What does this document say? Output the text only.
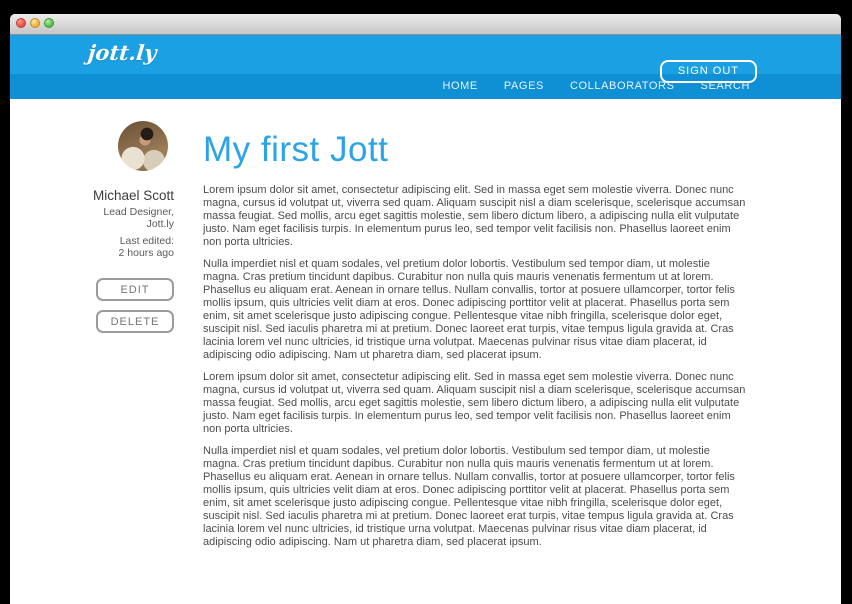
jott.ly
SIGN OUT
HOME PAGES COLLABORATORS SEARCH
Michael Scott
Lead Designer,
Jott.ly
Last edited:
2 hours ago
EDIT
DELETE
My first Jott

Lorem ipsum dolor sit amet, consectetur adipiscing elit. Sed in massa eget sem molestie viverra. Donec nunc magna, cursus id volutpat ut, viverra sed quam. Aliquam suscipit nisl a diam scelerisque, scelerisque accumsan massa feugiat. Sed mollis, arcu eget sagittis molestie, sem libero dictum libero, a adipiscing nulla elit vulputate justo. Nam eget facilisis turpis. In elementum purus leo, sed tempor velit facilisis non. Phasellus laoreet enim non porta ultricies.

Nulla imperdiet nisl et quam sodales, vel pretium dolor lobortis. Vestibulum sed tempor diam, ut molestie magna. Cras pretium tincidunt dapibus. Curabitur non nulla quis mauris venenatis fermentum ut at lorem. Phasellus eu aliquam erat. Aenean in ornare tellus. Nullam convallis, tortor at posuere ullamcorper, tortor felis mollis ipsum, quis ultricies velit diam at eros. Donec adipiscing porttitor velit at placerat. Phasellus porta sem enim, sit amet scelerisque justo adipiscing congue. Pellentesque vitae nibh fringilla, scelerisque dolor eget, suscipit nisl. Sed iaculis pharetra mi at pretium. Donec laoreet erat turpis, vitae tempus ligula gravida at. Cras lacinia lorem vel nunc ultricies, id tristique urna volutpat. Maecenas pulvinar risus vitae diam placerat, id adipiscing odio adipiscing. Nam ut pharetra diam, sed placerat ipsum.

Lorem ipsum dolor sit amet, consectetur adipiscing elit. Sed in massa eget sem molestie viverra. Donec nunc magna, cursus id volutpat ut, viverra sed quam. Aliquam suscipit nisl a diam scelerisque, scelerisque accumsan massa feugiat. Sed mollis, arcu eget sagittis molestie, sem libero dictum libero, a adipiscing nulla elit vulputate justo. Nam eget facilisis turpis. In elementum purus leo, sed tempor velit facilisis non. Phasellus laoreet enim non porta ultricies.

Nulla imperdiet nisl et quam sodales, vel pretium dolor lobortis. Vestibulum sed tempor diam, ut molestie magna. Cras pretium tincidunt dapibus. Curabitur non nulla quis mauris venenatis fermentum ut at lorem. Phasellus eu aliquam erat. Aenean in ornare tellus. Nullam convallis, tortor at posuere ullamcorper, tortor felis mollis ipsum, quis ultricies velit diam at eros. Donec adipiscing porttitor velit at placerat. Phasellus porta sem enim, sit amet scelerisque justo adipiscing congue. Pellentesque vitae nibh fringilla, scelerisque dolor eget, suscipit nisl. Sed iaculis pharetra mi at pretium. Donec laoreet erat turpis, vitae tempus ligula gravida at. Cras lacinia lorem vel nunc ultricies, id tristique urna volutpat. Maecenas pulvinar risus vitae diam placerat, id adipiscing odio adipiscing. Nam ut pharetra diam, sed placerat ipsum.
